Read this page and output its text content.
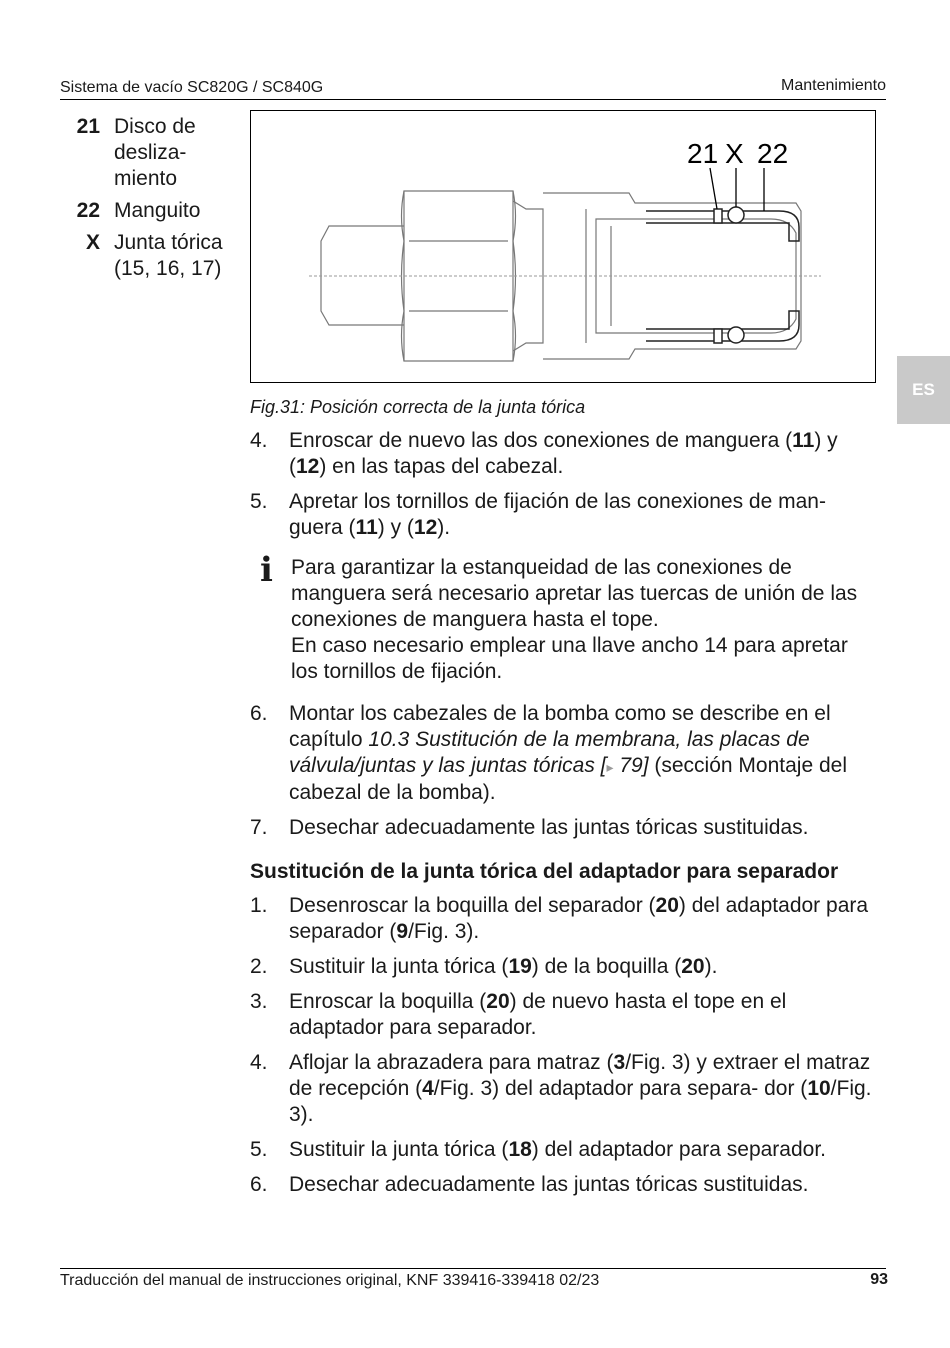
Sistema de vacío SC820G / SC840G	Mantenimiento
ES
21 Disco de desliza- miento
22 Manguito
X Junta tórica (15, 16, 17)
21 X 22
Fig.31: Posición correcta de la junta tórica
4.	Enroscar de nuevo las dos conexiones de manguera (11) y (12) en las tapas del cabezal.
5.	Apretar los tornillos de fijación de las conexiones de man- guera (11) y (12).
i Para garantizar la estanqueidad de las conexiones de manguera será necesario apretar las tuercas de unión de las conexiones de manguera hasta el tope.
En caso necesario emplear una llave ancho 14 para apretar los tornillos de fijación.
6.	Montar los cabezales de la bomba como se describe en el capítulo 10.3 Sustitución de la membrana, las placas de válvula/juntas y las juntas tóricas [▸ 79] (sección Montaje del cabezal de la bomba).
7.	Desechar adecuadamente las juntas tóricas sustituidas.
Sustitución de la junta tórica del adaptador para separador
1.	Desenroscar la boquilla del separador (20) del adaptador para separador (9/Fig. 3).
2.	Sustituir la junta tórica (19) de la boquilla (20).
3.	Enroscar la boquilla (20) de nuevo hasta el tope en el adaptador para separador.
4.	Aflojar la abrazadera para matraz (3/Fig. 3) y extraer el matraz de recepción (4/Fig. 3) del adaptador para separa- dor (10/Fig. 3).
5.	Sustituir la junta tórica (18) del adaptador para separador.
6.	Desechar adecuadamente las juntas tóricas sustituidas.
Traducción del manual de instrucciones original, KNF 339416-339418 02/23	93
